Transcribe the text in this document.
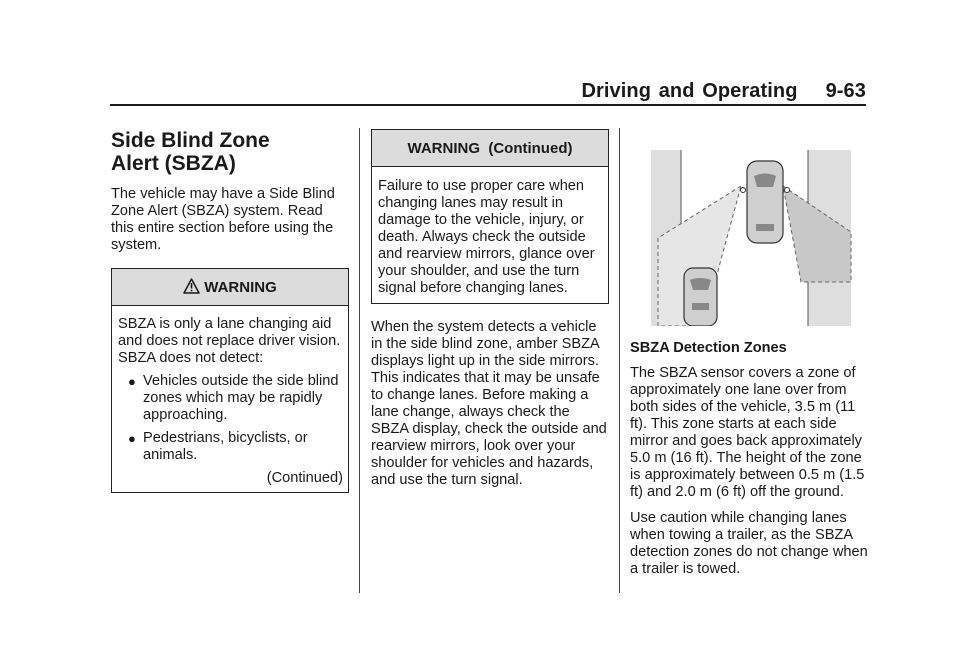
Driving and Operating 9-63
Side Blind Zone
Alert (SBZA)

The vehicle may have a Side Blind Zone Alert (SBZA) system. Read this entire section before using the system.

WARNING
SBZA is only a lane changing aid and does not replace driver vision. SBZA does not detect:
● Vehicles outside the side blind zones which may be rapidly approaching.
● Pedestrians, bicyclists, or animals.
(Continued)
WARNING  (Continued)
Failure to use proper care when changing lanes may result in damage to the vehicle, injury, or death. Always check the outside and rearview mirrors, glance over your shoulder, and use the turn signal before changing lanes.

When the system detects a vehicle in the side blind zone, amber SBZA displays light up in the side mirrors. This indicates that it may be unsafe to change lanes. Before making a lane change, always check the SBZA display, check the outside and rearview mirrors, look over your shoulder for vehicles and hazards, and use the turn signal.

SBZA Detection Zones

The SBZA sensor covers a zone of approximately one lane over from both sides of the vehicle, 3.5 m (11 ft). This zone starts at each side mirror and goes back approximately 5.0 m (16 ft). The height of the zone is approximately between 0.5 m (1.5 ft) and 2.0 m (6 ft) off the ground.

Use caution while changing lanes when towing a trailer, as the SBZA detection zones do not change when a trailer is towed.
